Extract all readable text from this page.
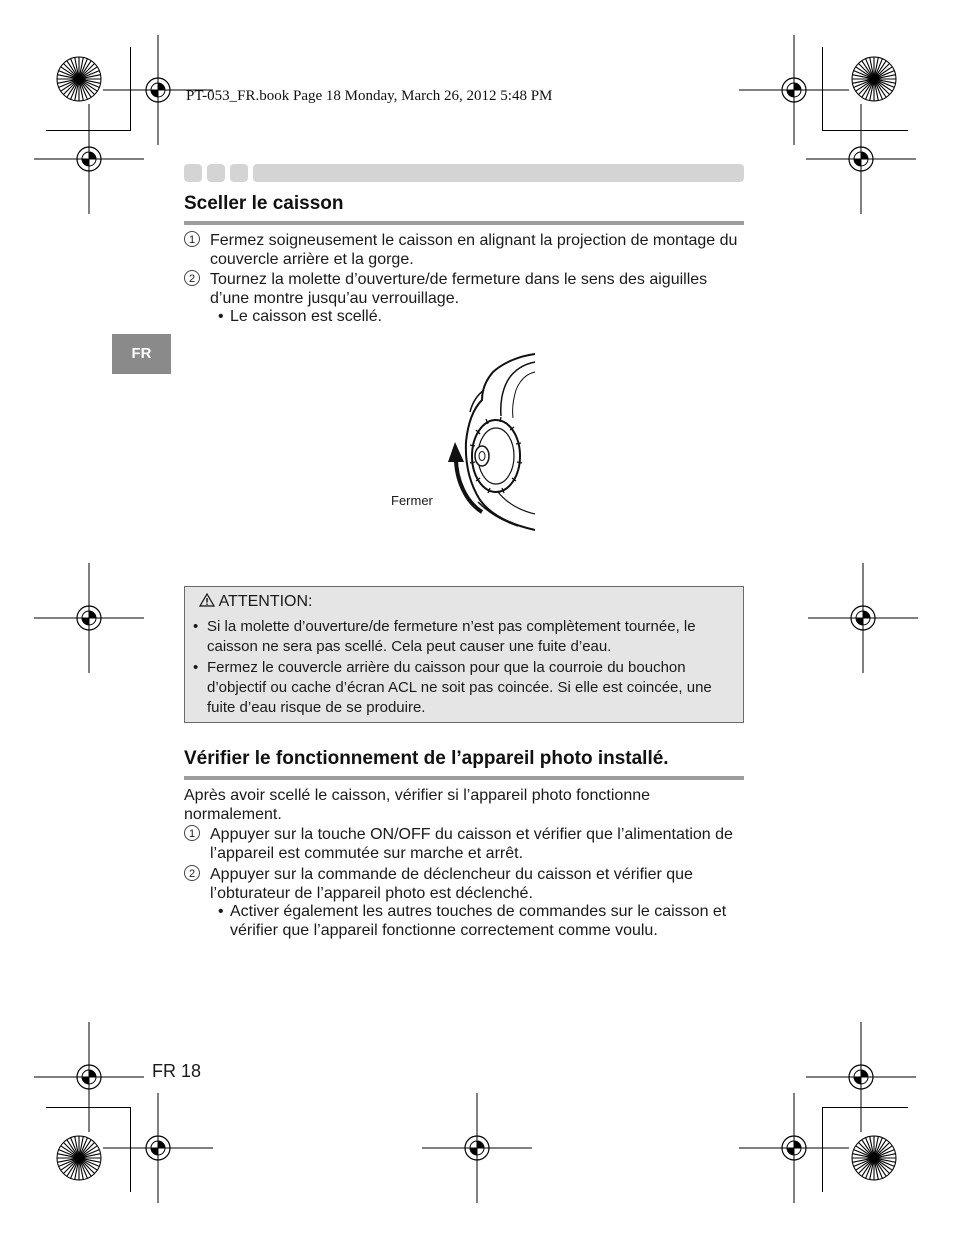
PT-053_FR.book Page 18 Monday, March 26, 2012 5:48 PM
FR
Sceller le caisson
1 Fermez soigneusement le caisson en alignant la projection de montage du couvercle arrière et la gorge.
2 Tournez la molette d’ouverture/de fermeture dans le sens des aiguilles d’une montre jusqu’au verrouillage.
• Le caisson est scellé.
Fermer
ATTENTION:
• Si la molette d’ouverture/de fermeture n’est pas complètement tournée, le caisson ne sera pas scellé. Cela peut causer une fuite d’eau.
• Fermez le couvercle arrière du caisson pour que la courroie du bouchon d’objectif ou cache d’écran ACL ne soit pas coincée. Si elle est coincée, une fuite d’eau risque de se produire.
Vérifier le fonctionnement de l’appareil photo installé.
Après avoir scellé le caisson, vérifier si l’appareil photo fonctionne normalement.
1 Appuyer sur la touche ON/OFF du caisson et vérifier que l’alimentation de l’appareil est commutée sur marche et arrêt.
2 Appuyer sur la commande de déclencheur du caisson et vérifier que l’obturateur de l’appareil photo est déclenché.
• Activer également les autres touches de commandes sur le caisson et vérifier que l’appareil fonctionne correctement comme voulu.
FR 18
